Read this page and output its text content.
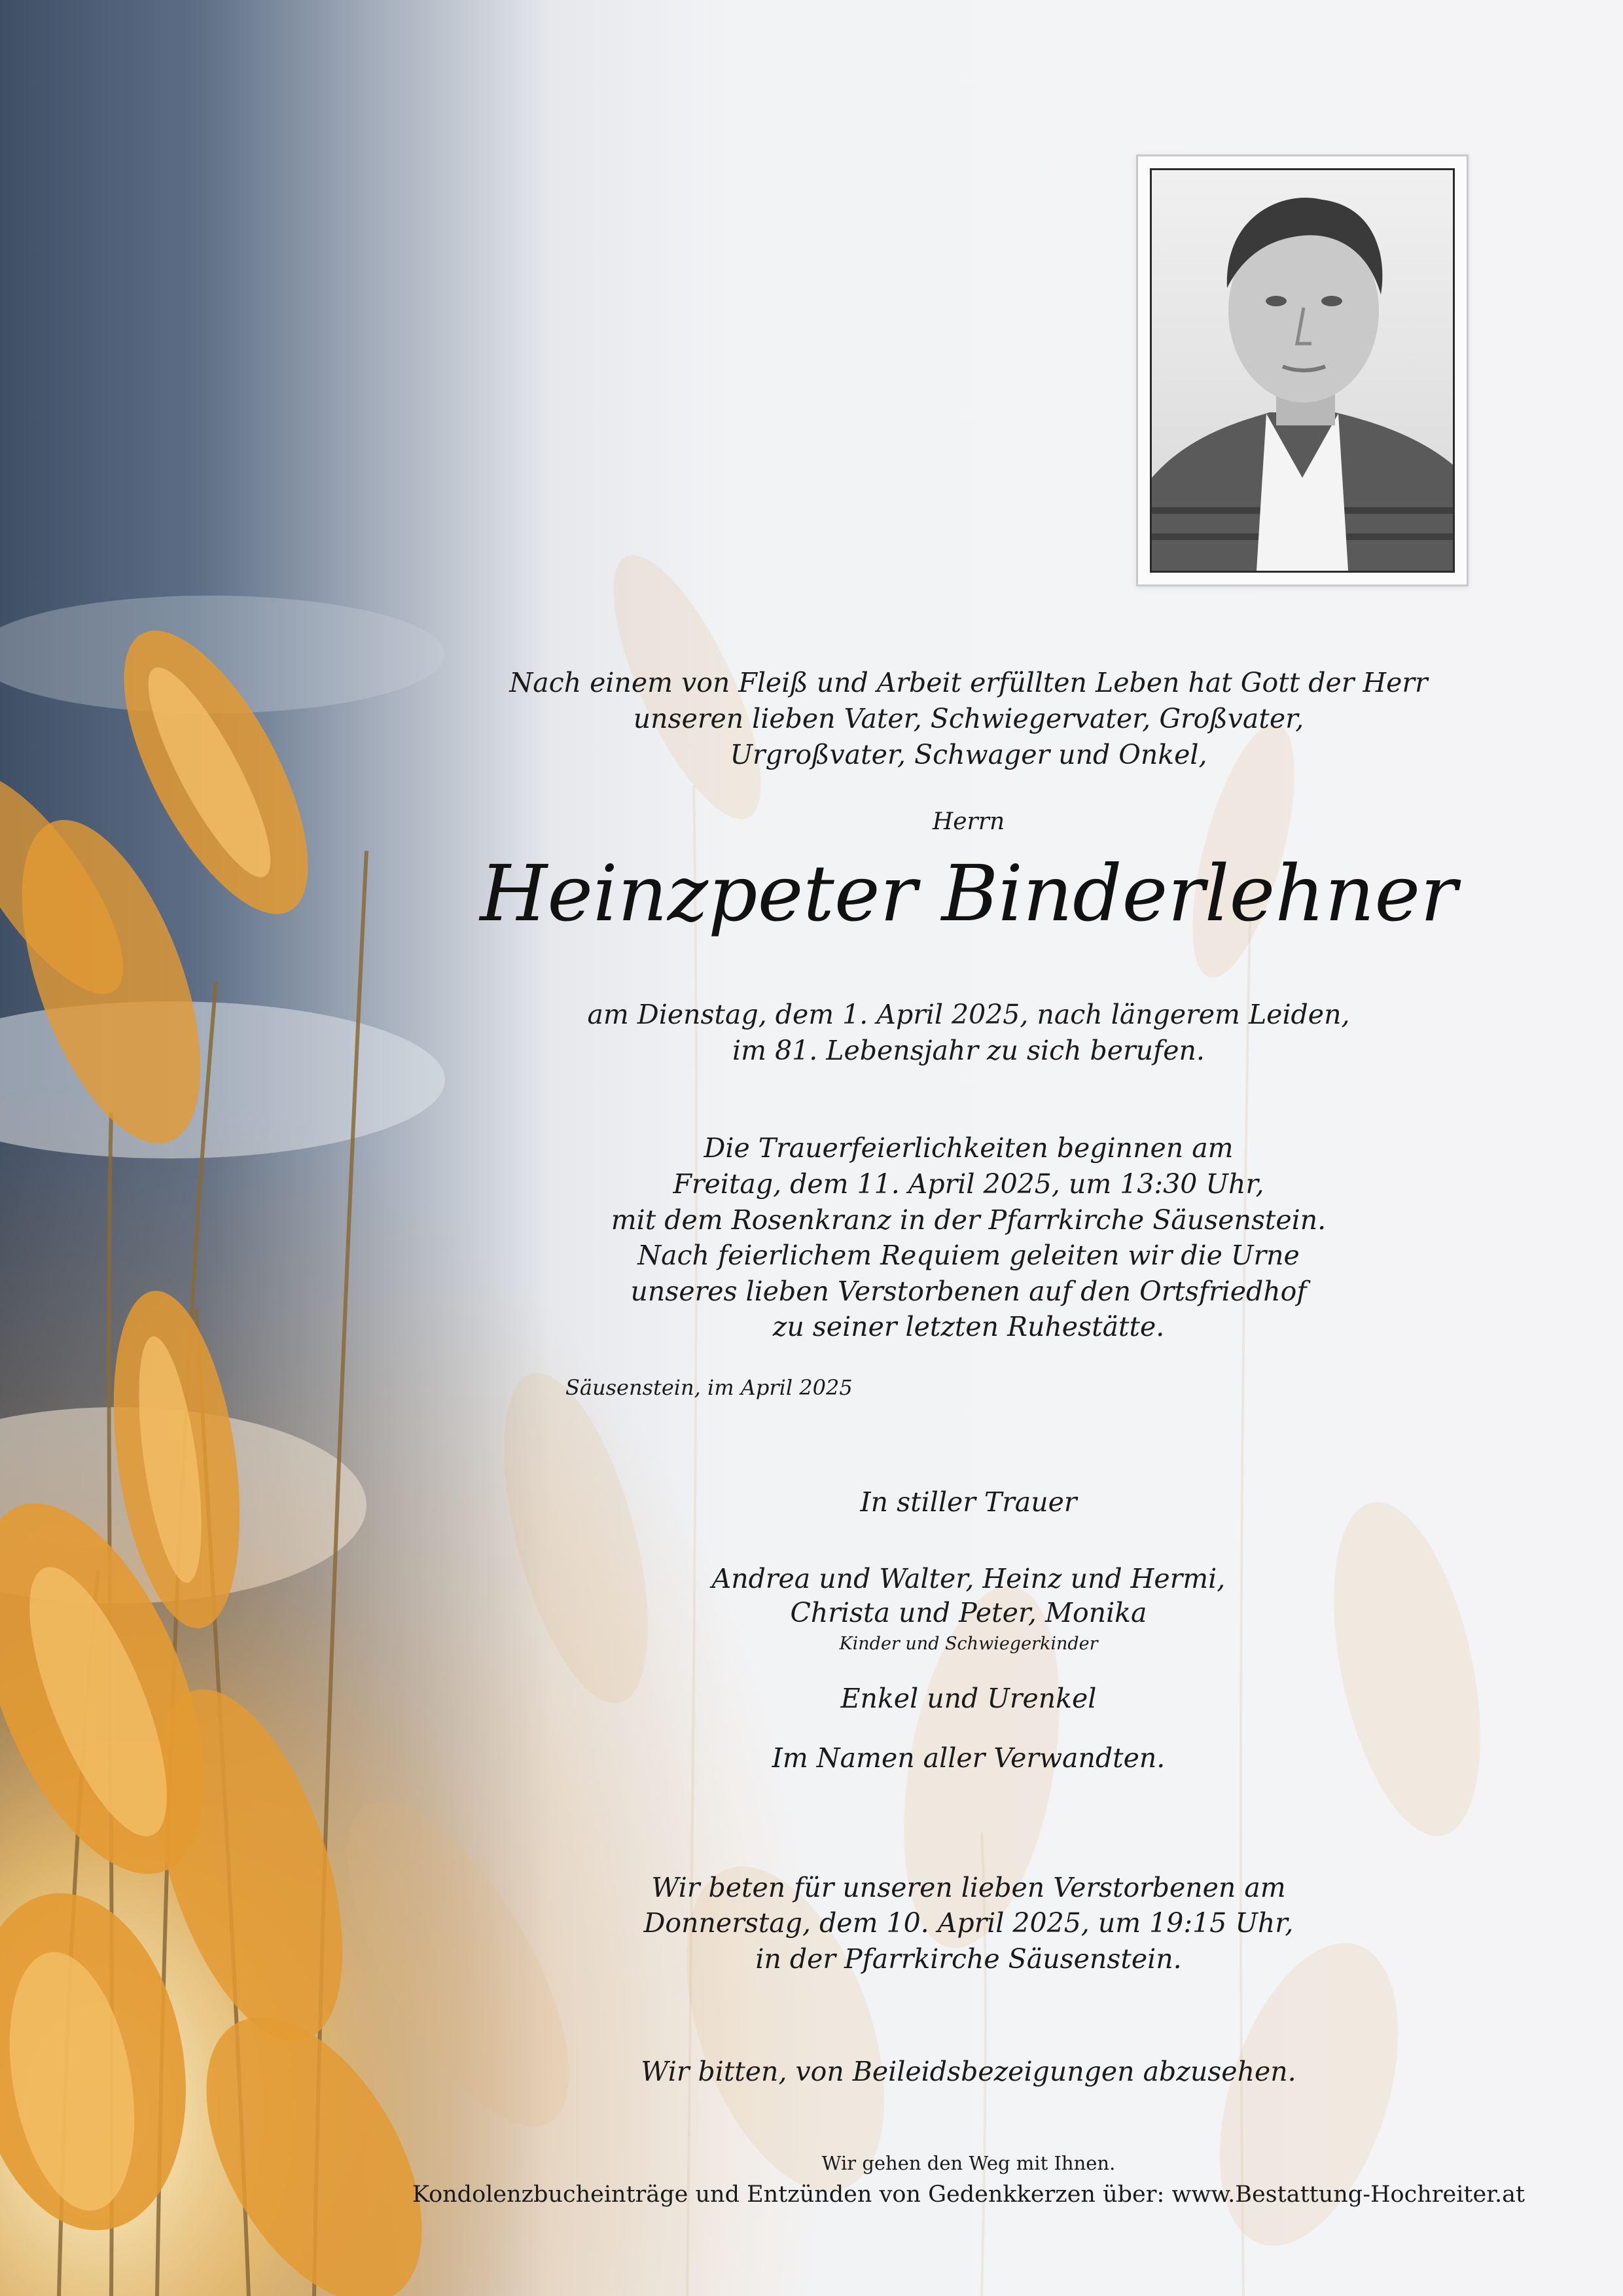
Nach einem von Fleiß und Arbeit erfüllten Leben hat Gott der Herr
unseren lieben Vater, Schwiegervater, Großvater,
Urgroßvater, Schwager und Onkel,
Herrn
Heinzpeter Binderlehner
am Dienstag, dem 1. April 2025, nach längerem Leiden,
im 81. Lebensjahr zu sich berufen.
Die Trauerfeierlichkeiten beginnen am
Freitag, dem 11. April 2025, um 13:30 Uhr,
mit dem Rosenkranz in der Pfarrkirche Säusenstein.
Nach feierlichem Requiem geleiten wir die Urne
unseres lieben Verstorbenen auf den Ortsfriedhof
zu seiner letzten Ruhestätte.
Säusenstein, im April 2025
In stiller Trauer
Andrea und Walter, Heinz und Hermi,
Christa und Peter, Monika
Kinder und Schwiegerkinder
Enkel und Urenkel
Im Namen aller Verwandten.
Wir beten für unseren lieben Verstorbenen am
Donnerstag, dem 10. April 2025, um 19:15 Uhr,
in der Pfarrkirche Säusenstein.
Wir bitten, von Beileidsbezeigungen abzusehen.
Wir gehen den Weg mit Ihnen.
Kondolenzbucheinträge und Entzünden von Gedenkkerzen über: www.Bestattung-Hochreiter.at
